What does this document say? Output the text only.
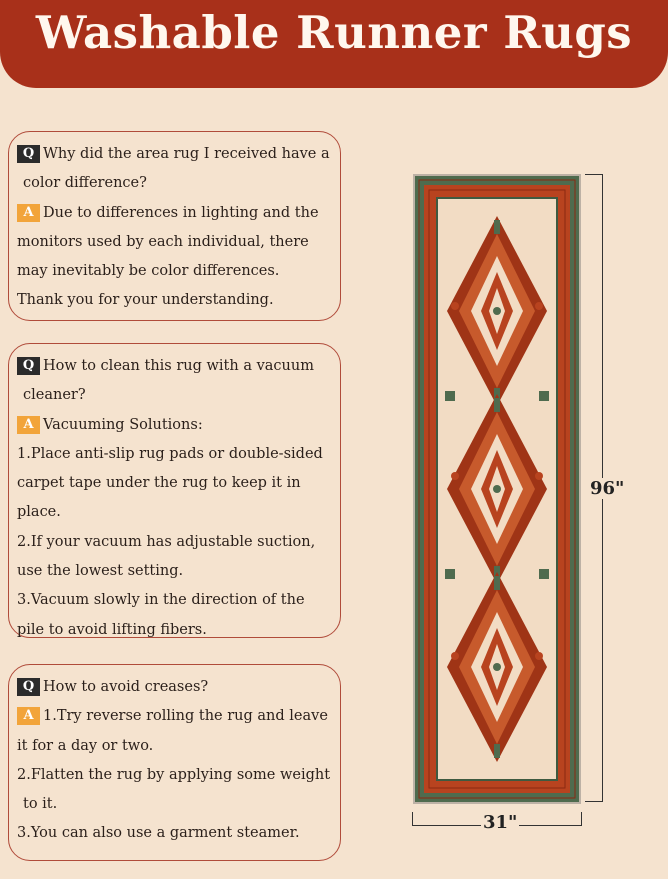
Washable Runner Rugs

Q Why did the area rug I received have a

color difference?

A Due to differences in lighting and the

monitors used by each individual, there

may inevitably be color differences.

Thank you for your understanding.

Q How to clean this rug with a vacuum

cleaner?

A Vacuuming Solutions:

1.Place anti-slip rug pads or double-sided

carpet tape under the rug to keep it in

place.

2.If your vacuum has adjustable suction,

use the lowest setting.

3.Vacuum slowly in the direction of the

pile to avoid lifting fibers.

Q How to avoid creases?

A 1.Try reverse rolling the rug and leave

it for a day or two.

2.Flatten the rug by applying some weight

to it.

3.You can also use a garment steamer.

96"
31"
